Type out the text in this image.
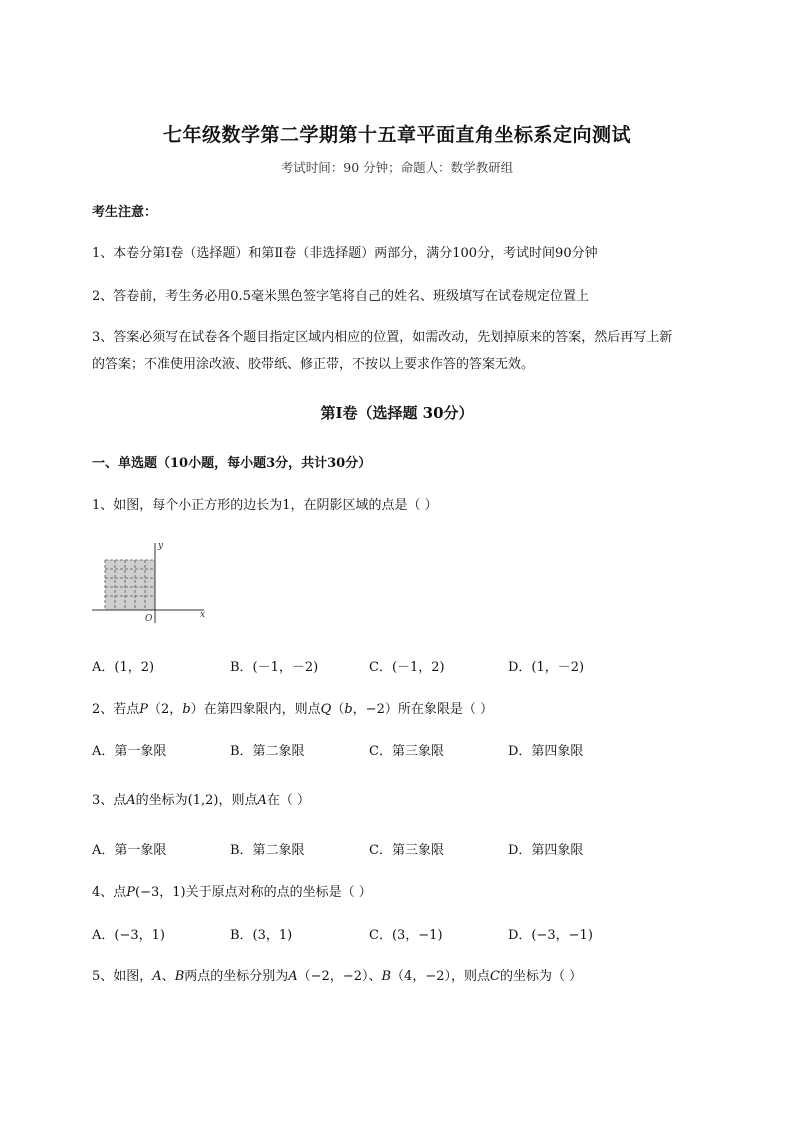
七年级数学第二学期第十五章平面直角坐标系定向测试
考试时间：90 分钟；命题人：数学教研组
考生注意：
1、本卷分第Ⅰ卷（选择题）和第Ⅱ卷（非选择题）两部分，满分100分，考试时间90分钟
2、答卷前，考生务必用0.5毫米黑色签字笔将自己的姓名、班级填写在试卷规定位置上
3、答案必须写在试卷各个题目指定区域内相应的位置，如需改动，先划掉原来的答案，然后再写上新
的答案；不准使用涂改液、胶带纸、修正带，不按以上要求作答的答案无效。
第Ⅰ卷（选择题 30分）
一、单选题（10小题，每小题3分，共计30分）
1、如图，每个小正方形的边长为1，在阴影区域的点是（ ）
x
y
O
A．(1，2)	B．(－1，－2)	C．(－1，2)	D．(1，－2)
2、若点P（2，b）在第四象限内，则点Q（b，−2）所在象限是（ ）
A．第一象限	B．第二象限	C．第三象限	D．第四象限
3、点A的坐标为(1,2)，则点A在（ ）
A．第一象限	B．第二象限	C．第三象限	D．第四象限
4、点P(−3，1)关于原点对称的点的坐标是（ ）
A．(−3，1)	B．(3，1)	C．(3，−1)	D．(−3，−1)
5、如图，A、B两点的坐标分别为A（−2，−2）、B（4，−2），则点C的坐标为（ ）
